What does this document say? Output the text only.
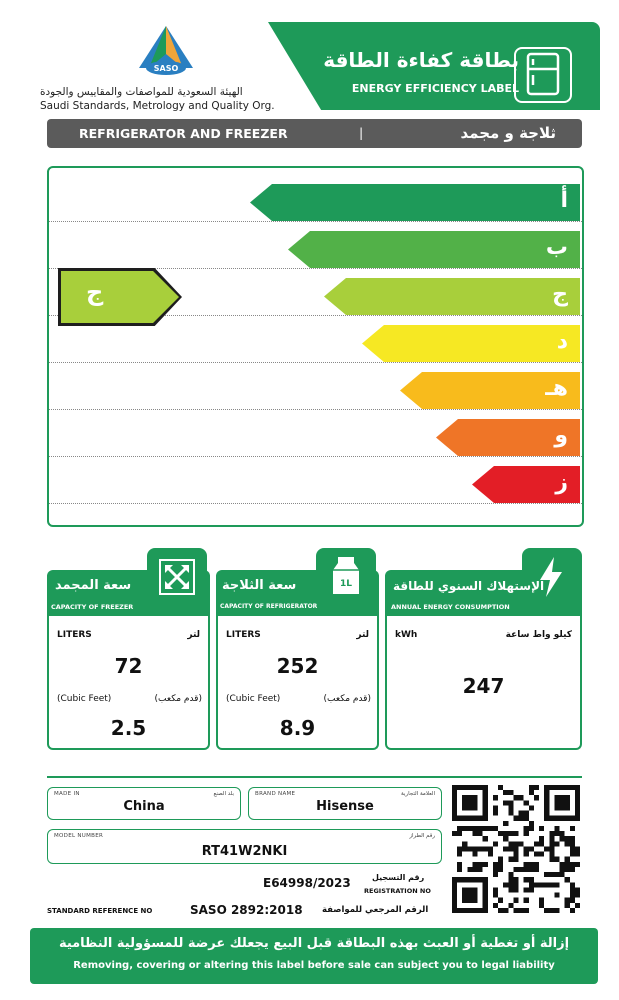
SASO
الهيئة السعودية للمواصفات والمقاييس والجودة
Saudi Standards, Metrology and Quality Org.
بطاقة كفاءة الطاقة
ENERGY EFFICIENCY LABEL
REFRIGERATOR AND FREEZER	|	ثلاجة و مجمد
أ
ب
ج
د
هـ
و
ز
ج
سعة المجمد
CAPACITY OF FREEZER
LITERS	لتر
72
(Cubic Feet)	(قدم مكعب)
2.5
1L
سعة الثلاجة
CAPACITY OF REFRIGERATOR
LITERS	لتر
252
(Cubic Feet)	(قدم مكعب)
8.9
الإستهلاك السنوي للطاقة
ANNUAL ENERGY CONSUMPTION
kWh	كيلو واط ساعة
247
MADE IN	بلد الصنع
China
BRAND NAME	العلامة التجارية
Hisense
MODEL NUMBER	رقم الطراز
RT41W2NKI
E64998/2023	رقم التسجيل
REGISTRATION NO
STANDARD REFERENCE NO	SASO 2892:2018 الرقم المرجعي للمواصفة
إزالة أو تغطية أو العبث بهذه البطاقة قبل البيع يجعلك عرضة للمسؤولية النظامية
Removing, covering or altering this label before sale can subject you to legal liability
